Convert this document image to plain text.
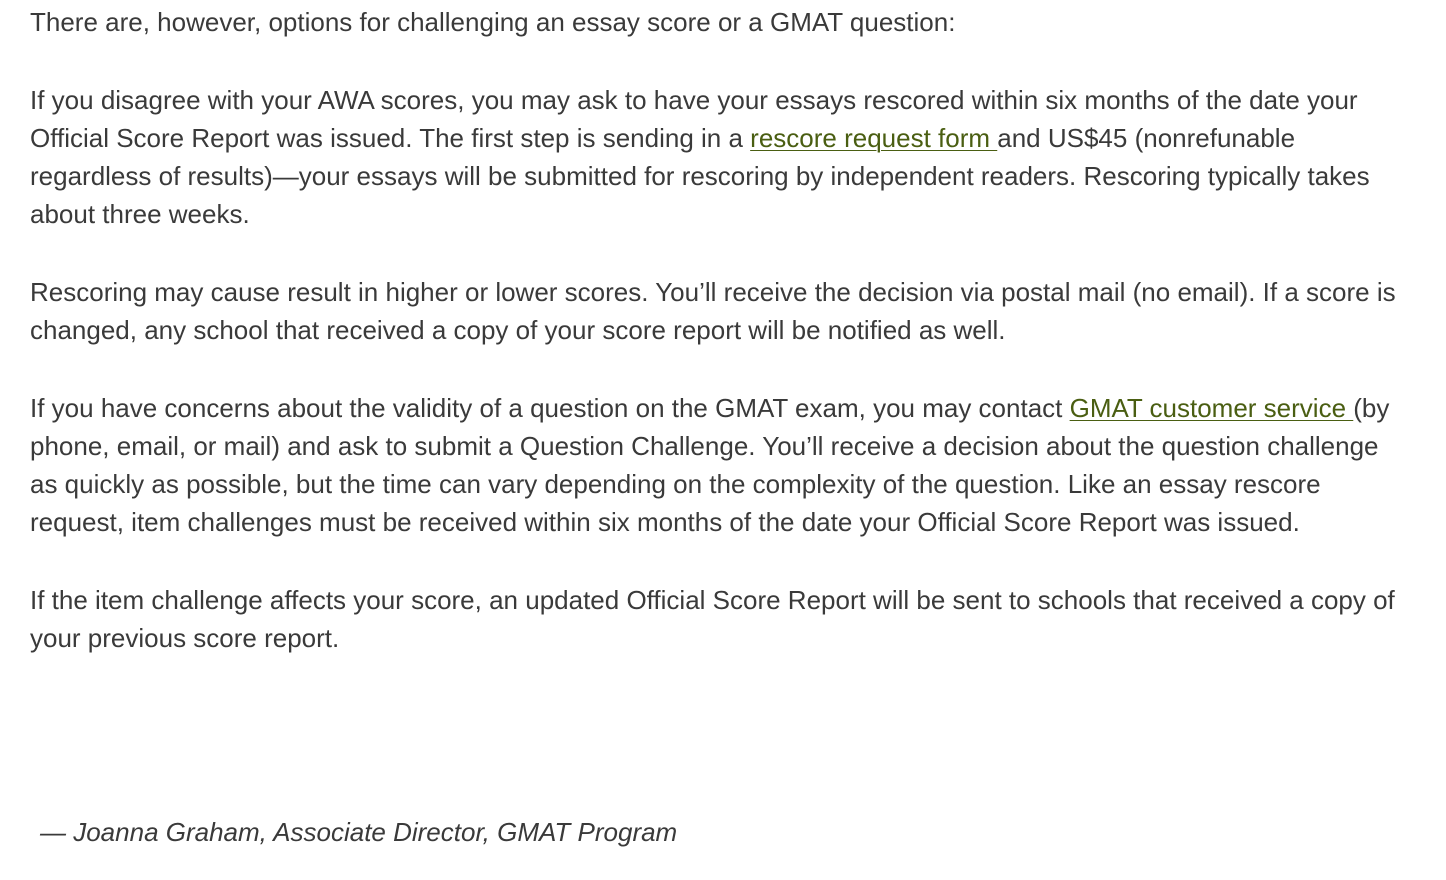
There are, however, options for challenging an essay score or a GMAT question:

If you disagree with your AWA scores, you may ask to have your essays rescored within six months of the date your Official Score Report was issued. The first step is sending in a rescore request form and US$45 (nonrefunable regardless of results)—your essays will be submitted for rescoring by independent readers. Rescoring typically takes about three weeks.

Rescoring may cause result in higher or lower scores. You’ll receive the decision via postal mail (no email). If a score is changed, any school that received a copy of your score report will be notified as well.

If you have concerns about the validity of a question on the GMAT exam, you may contact GMAT customer service (by phone, email, or mail) and ask to submit a Question Challenge. You’ll receive a decision about the question challenge as quickly as possible, but the time can vary depending on the complexity of the question. Like an essay rescore request, item challenges must be received within six months of the date your Official Score Report was issued.

If the item challenge affects your score, an updated Official Score Report will be sent to schools that received a copy of your previous score report.

— Joanna Graham, Associate Director, GMAT Program
